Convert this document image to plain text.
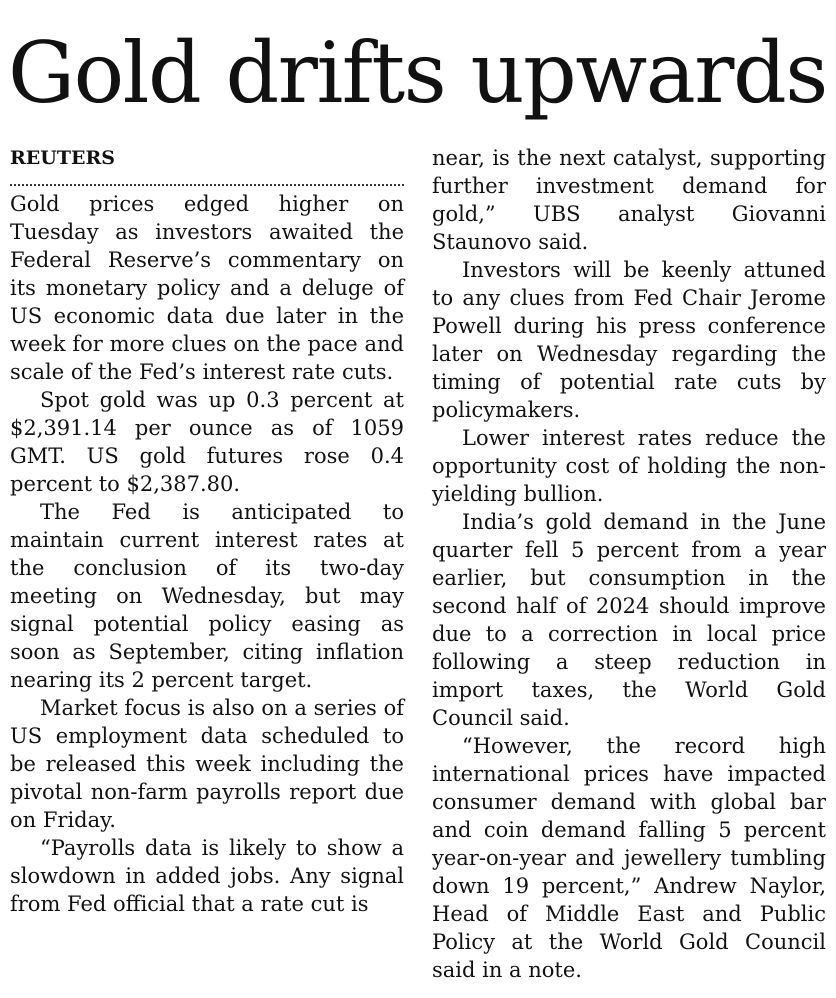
Gold drifts upwards
REUTERS

Gold prices edged higher on Tuesday as investors awaited the Federal Reserve’s commentary on its monetary policy and a deluge of US economic data due later in the week for more clues on the pace and scale of the Fed’s interest rate cuts.

Spot gold was up 0.3 percent at $2,391.14 per ounce as of 1059 GMT. US gold futures rose 0.4 percent to $2,387.80.

The Fed is anticipated to maintain current interest rates at the conclusion of its two-day meeting on Wednesday, but may signal potential policy easing as soon as September, citing inflation nearing its 2 percent target.

Market focus is also on a series of US employment data scheduled to be released this week including the pivotal non-farm payrolls report due on Friday.

“Payrolls data is likely to show a slowdown in added jobs. Any signal from Fed official that a rate cut is

near, is the next catalyst, supporting further investment demand for gold,” UBS analyst Giovanni Staunovo said.

Investors will be keenly attuned to any clues from Fed Chair Jerome Powell during his press conference later on Wednesday regarding the timing of potential rate cuts by policymakers.

Lower interest rates reduce the opportunity cost of holding the non-yielding bullion.

India’s gold demand in the June quarter fell 5 percent from a year earlier, but consumption in the second half of 2024 should improve due to a correction in local price following a steep reduction in import taxes, the World Gold Council said.

“However, the record high international prices have impacted consumer demand with global bar and coin demand falling 5 percent year-on-year and jewellery tumbling down 19 percent,” Andrew Naylor, Head of Middle East and Public Policy at the World Gold Council said in a note.
